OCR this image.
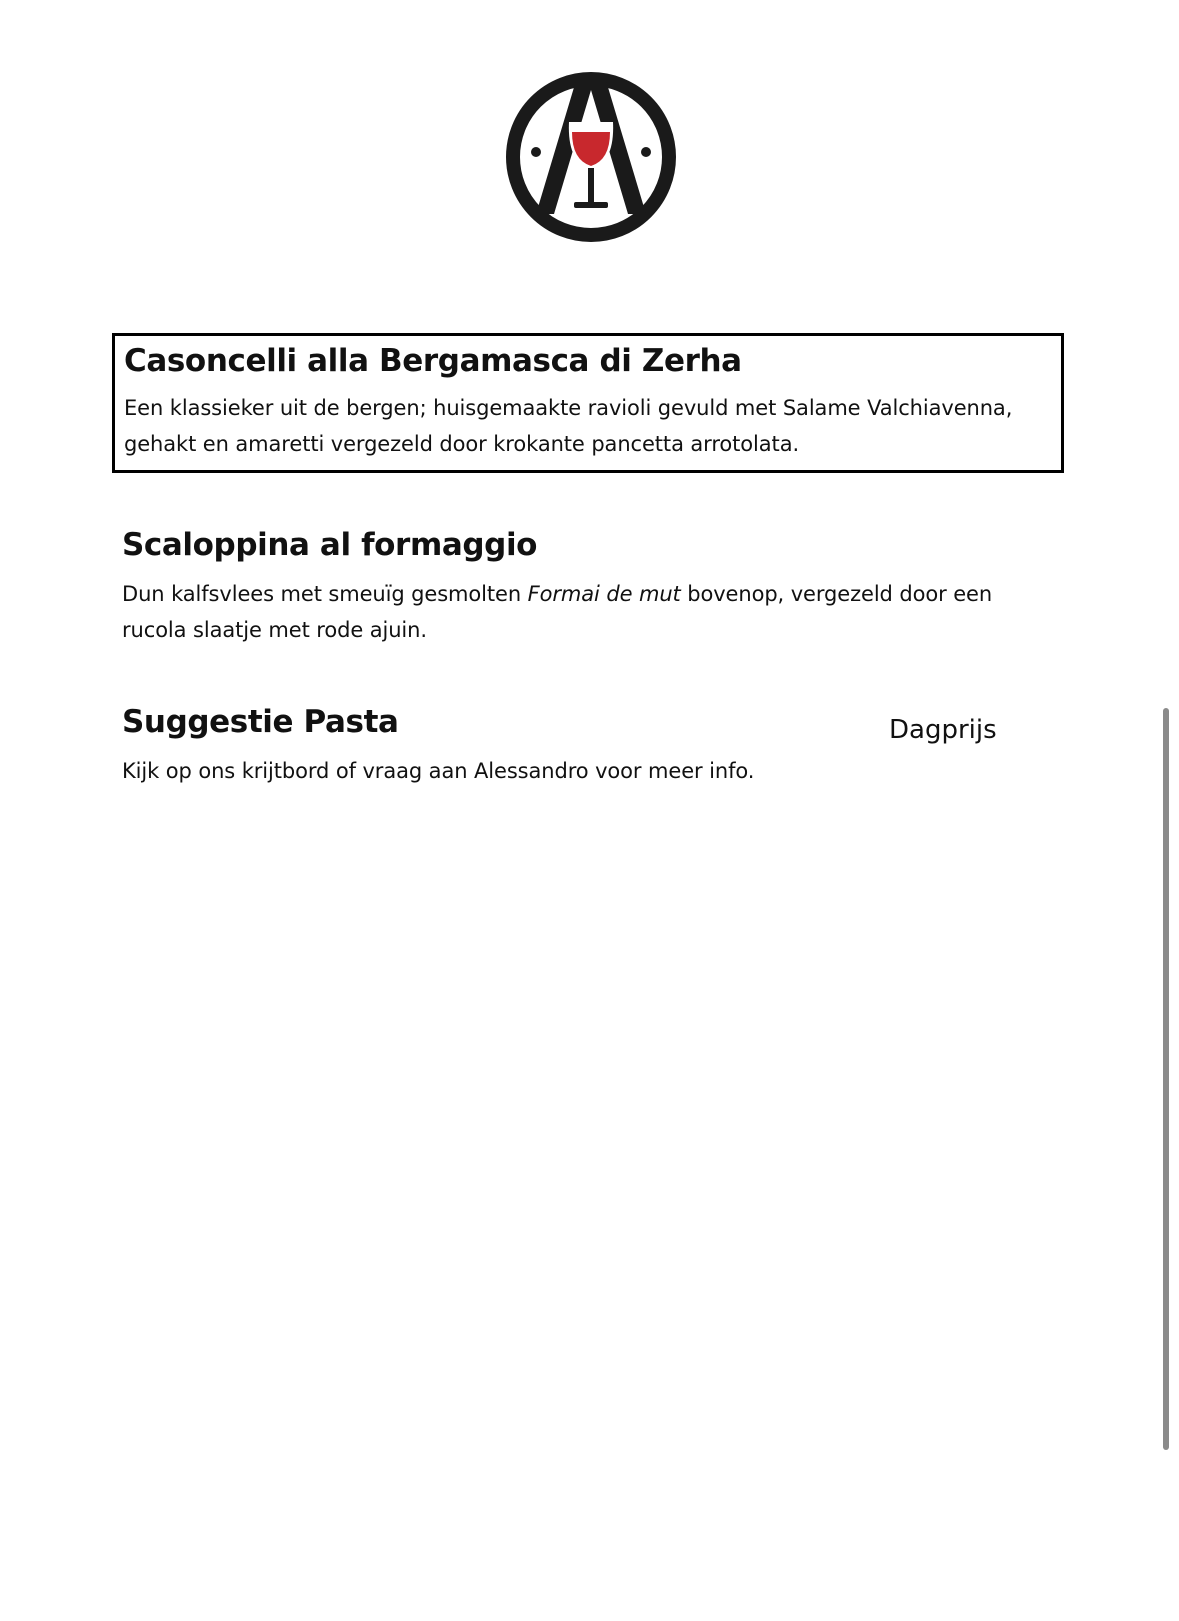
Casoncelli alla Bergamasca di Zerha

Een klassieker uit de bergen; huisgemaakte ravioli gevuld met Salame Valchiavenna, gehakt en amaretti vergezeld door krokante pancetta arrotolata.

Scaloppina al formaggio

Dun kalfsvlees met smeuïg gesmolten Formai de mut bovenop, vergezeld door een rucola slaatje met rode ajuin.

Suggestie Pasta

Kijk op ons krijtbord of vraag aan Alessandro voor meer info.

Dagprijs
